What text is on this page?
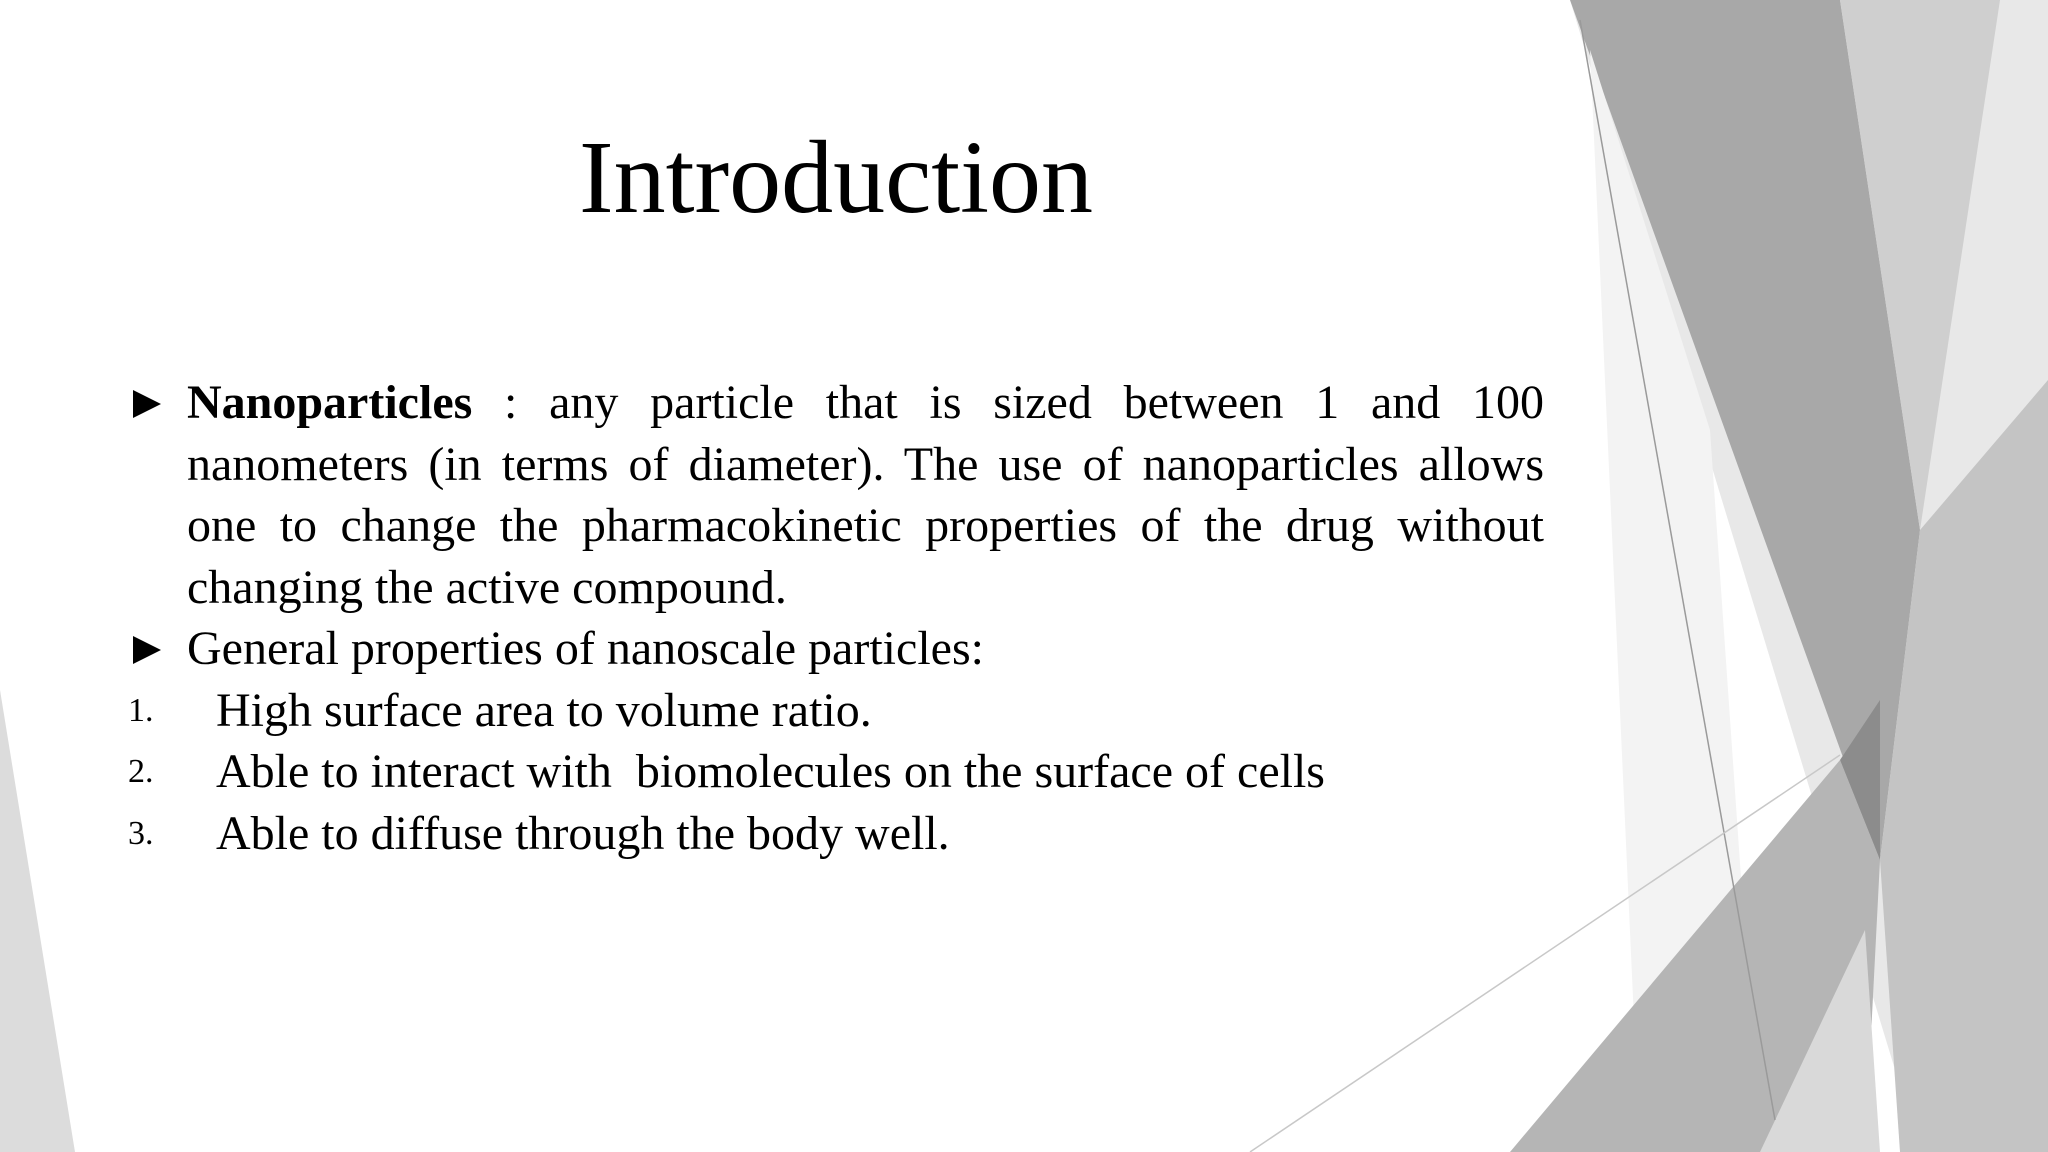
Introduction
Nanoparticles : any particle that is sized between 1 and 100 nanometers (in terms of diameter). The use of nanoparticles allows one to change the pharmacokinetic properties of the drug without changing the active compound.
General properties of nanoscale particles:
1. High surface area to volume ratio.
2. Able to interact with  biomolecules on the surface of cells
3. Able to diffuse through the body well.
